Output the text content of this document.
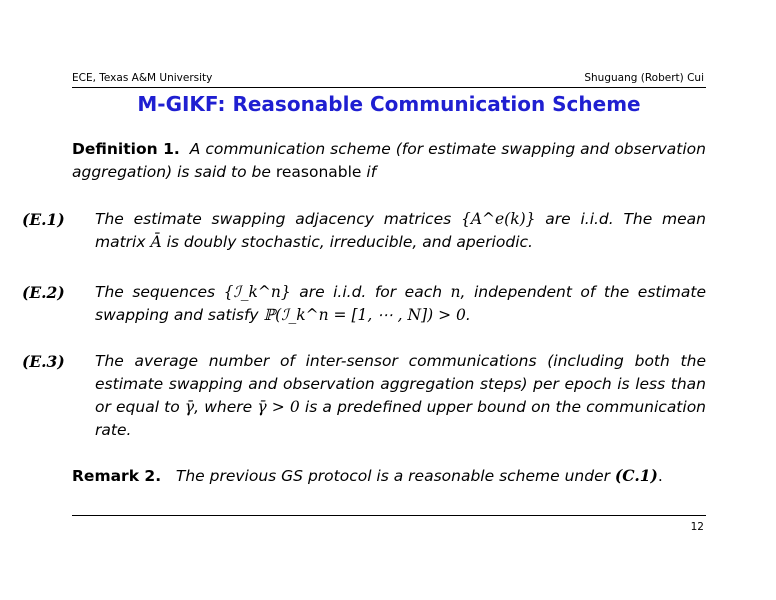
ECE, Texas A&M University	Shuguang (Robert) Cui
M-GIKF: Reasonable Communication Scheme
Definition 1. A communication scheme (for estimate swapping and observation aggregation) is said to be reasonable if
(E.1) The estimate swapping adjacency matrices {A^e(k)} are i.i.d. The mean matrix Ā is doubly stochastic, irreducible, and aperiodic.
(E.2) The sequences {ℐ_k^n} are i.i.d. for each n, independent of the estimate swapping and satisfy ℙ(ℐ_k^n = [1, ⋯ , N]) > 0.
(E.3) The average number of inter-sensor communications (including both the estimate swapping and observation aggregation steps) per epoch is less than or equal to γ̄, where γ̄ > 0 is a predefined upper bound on the communication rate.
Remark 2. The previous GS protocol is a reasonable scheme under (C.1).
12
